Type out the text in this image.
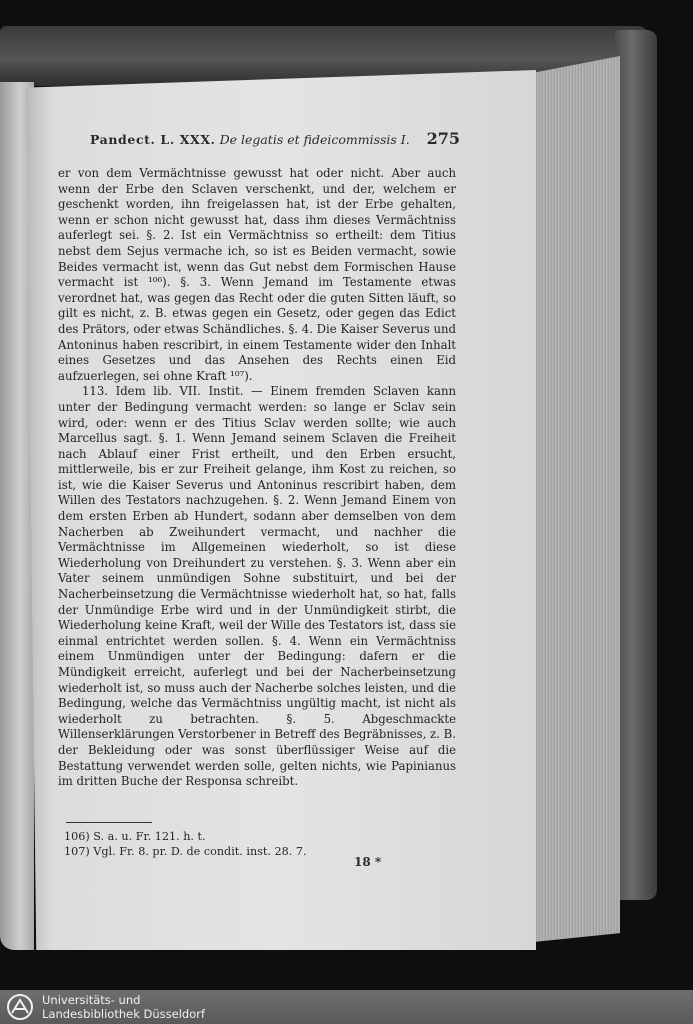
Pandect. L. XXX. De legatis et fideicommissis I. 275

er von dem Vermächtnisse gewusst hat oder nicht. Aber auch wenn der Erbe den Sclaven verschenkt, und der, welchem er geschenkt worden, ihn freigelassen hat, ist der Erbe gehalten, wenn er schon nicht gewusst hat, dass ihm dieses Vermächtniss auferlegt sei. §. 2. Ist ein Vermächtniss so ertheilt: dem Titius nebst dem Sejus vermache ich, so ist es Beiden vermacht, sowie Beides vermacht ist, wenn das Gut nebst dem Formischen Hause vermacht ist ¹⁰⁶). §. 3. Wenn Jemand im Testamente etwas verordnet hat, was gegen das Recht oder die guten Sitten läuft, so gilt es nicht, z. B. etwas gegen ein Gesetz, oder gegen das Edict des Prätors, oder etwas Schändliches. §. 4. Die Kaiser Severus und Antoninus haben rescribirt, in einem Testamente wider den Inhalt eines Gesetzes und das Ansehen des Rechts einen Eid aufzuerlegen, sei ohne Kraft ¹⁰⁷).

113. Idem lib. VII. Instit. — Einem fremden Sclaven kann unter der Bedingung vermacht werden: so lange er Sclav sein wird, oder: wenn er des Titius Sclav werden sollte; wie auch Marcellus sagt. §. 1. Wenn Jemand seinem Sclaven die Freiheit nach Ablauf einer Frist ertheilt, und den Erben ersucht, mittlerweile, bis er zur Freiheit gelange, ihm Kost zu reichen, so ist, wie die Kaiser Severus und Antoninus rescribirt haben, dem Willen des Testators nachzugehen. §. 2. Wenn Jemand Einem von dem ersten Erben ab Hundert, sodann aber demselben von dem Nacherben ab Zweihundert vermacht, und nachher die Vermächtnisse im Allgemeinen wiederholt, so ist diese Wiederholung von Dreihundert zu verstehen. §. 3. Wenn aber ein Vater seinem unmündigen Sohne substituirt, und bei der Nacherbeinsetzung die Vermächtnisse wiederholt hat, so hat, falls der Unmündige Erbe wird und in der Unmündigkeit stirbt, die Wiederholung keine Kraft, weil der Wille des Testators ist, dass sie einmal entrichtet werden sollen. §. 4. Wenn ein Vermächtniss einem Unmündigen unter der Bedingung: dafern er die Mündigkeit erreicht, auferlegt und bei der Nacherbeinsetzung wiederholt ist, so muss auch der Nacherbe solches leisten, und die Bedingung, welche das Vermächtniss ungültig macht, ist nicht als wiederholt zu betrachten. §. 5. Abgeschmackte Willenserklärungen Verstorbener in Betreff des Begräbnisses, z. B. der Bekleidung oder was sonst überflüssiger Weise auf die Bestattung verwendet werden solle, gelten nichts, wie Papinianus im dritten Buche der Responsa schreibt.

106) S. a. u. Fr. 121. h. t.
107) Vgl. Fr. 8. pr. D. de condit. inst. 28. 7.
18 *
Universitäts- und
Landesbibliothek Düsseldorf
